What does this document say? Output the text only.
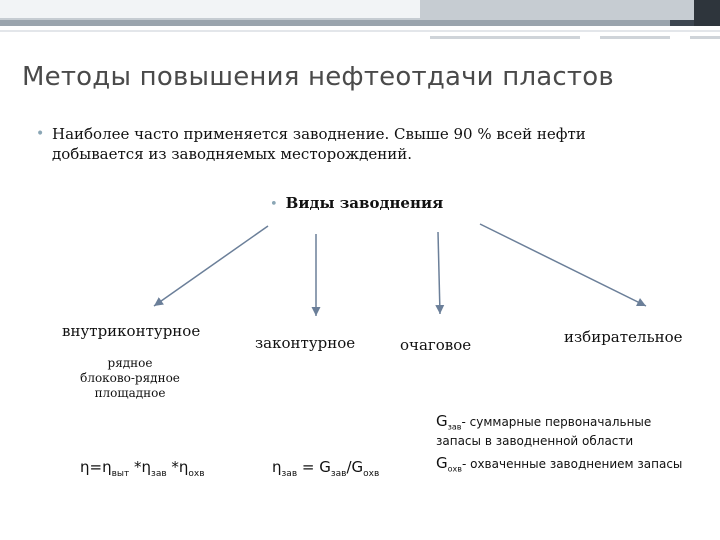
Методы повышения нефтеотдачи пластов
• Наиболее часто применяется заводнение. Свыше 90 % всей нефти добывается из заводняемых месторождений.
• Виды заводнения
внутриконтурное
законтурное	очаговое	избирательное
рядное
блоково-рядное
площадное
$\eta=\eta_{выт}$ $*\eta_{зав}$ $*\eta_{охв}$	$\eta_{зав} = G_{зав}/G_{охв}$
$G_{зав}-$ суммарные первоначальные
запасы в заводненной области
$G_{охв}-$ охваченные заводнением запасы
